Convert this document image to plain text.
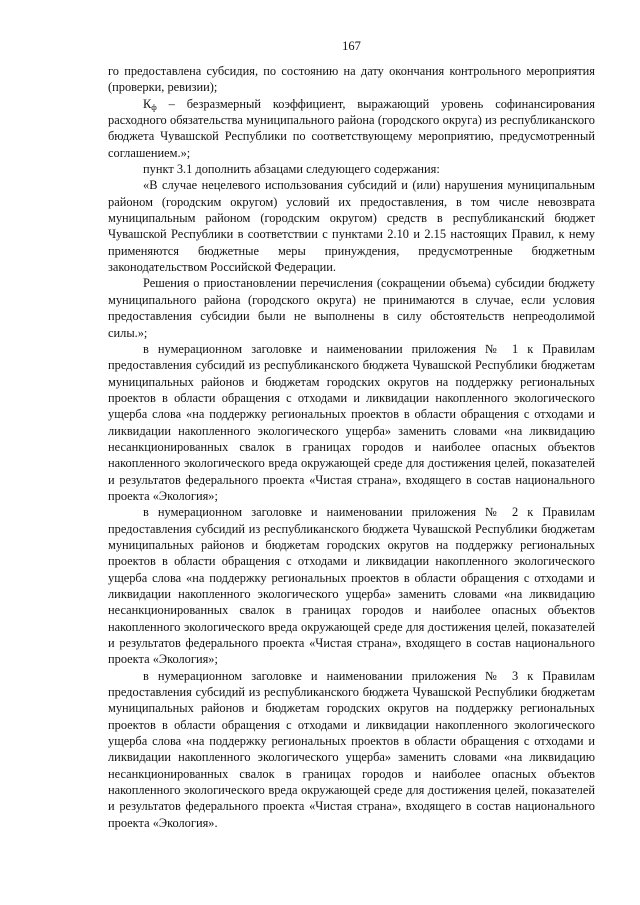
167

го предоставлена субсидия, по состоянию на дату окончания контрольного мероприятия (проверки, ревизии);

$К_ф$ – безразмерный коэффициент, выражающий уровень софинансирования расходного обязательства муниципального района (городского округа) из республиканского бюджета Чувашской Республики по соответствующему мероприятию, предусмотренный соглашением.»;

пункт 3.1 дополнить абзацами следующего содержания:

«В случае нецелевого использования субсидий и (или) нарушения муниципальным районом (городским округом) условий их предоставления, в том числе невозврата муниципальным районом (городским округом) средств в республиканский бюджет Чувашской Республики в соответствии с пунктами 2.10 и 2.15 настоящих Правил, к нему применяются бюджетные меры принуждения, предусмотренные бюджетным законодательством Российской Федерации.

Решения о приостановлении перечисления (сокращении объема) субсидии бюджету муниципального района (городского округа) не принимаются в случае, если условия предоставления субсидии были не выполнены в силу обстоятельств непреодолимой силы.»;

в нумерационном заголовке и наименовании приложения № 1 к Правилам предоставления субсидий из республиканского бюджета Чувашской Республики бюджетам муниципальных районов и бюджетам городских округов на поддержку региональных проектов в области обращения с отходами и ликвидации накопленного экологического ущерба слова «на поддержку региональных проектов в области обращения с отходами и ликвидации накопленного экологического ущерба» заменить словами «на ликвидацию несанкционированных свалок в границах городов и наиболее опасных объектов накопленного экологического вреда окружающей среде для достижения целей, показателей и результатов федерального проекта «Чистая страна», входящего в состав национального проекта «Экология»;

в нумерационном заголовке и наименовании приложения № 2 к Правилам предоставления субсидий из республиканского бюджета Чувашской Республики бюджетам муниципальных районов и бюджетам городских округов на поддержку региональных проектов в области обращения с отходами и ликвидации накопленного экологического ущерба слова «на поддержку региональных проектов в области обращения с отходами и ликвидации накопленного экологического ущерба» заменить словами «на ликвидацию несанкционированных свалок в границах городов и наиболее опасных объектов накопленного экологического вреда окружающей среде для достижения целей, показателей и результатов федерального проекта «Чистая страна», входящего в состав национального проекта «Экология»;

в нумерационном заголовке и наименовании приложения № 3 к Правилам предоставления субсидий из республиканского бюджета Чувашской Республики бюджетам муниципальных районов и бюджетам городских округов на поддержку региональных проектов в области обращения с отходами и ликвидации накопленного экологического ущерба слова «на поддержку региональных проектов в области обращения с отходами и ликвидации накопленного экологического ущерба» заменить словами «на ликвидацию несанкционированных свалок в границах городов и наиболее опасных объектов накопленного экологического вреда окружающей среде для достижения целей, показателей и результатов федерального проекта «Чистая страна», входящего в состав национального проекта «Экология».
